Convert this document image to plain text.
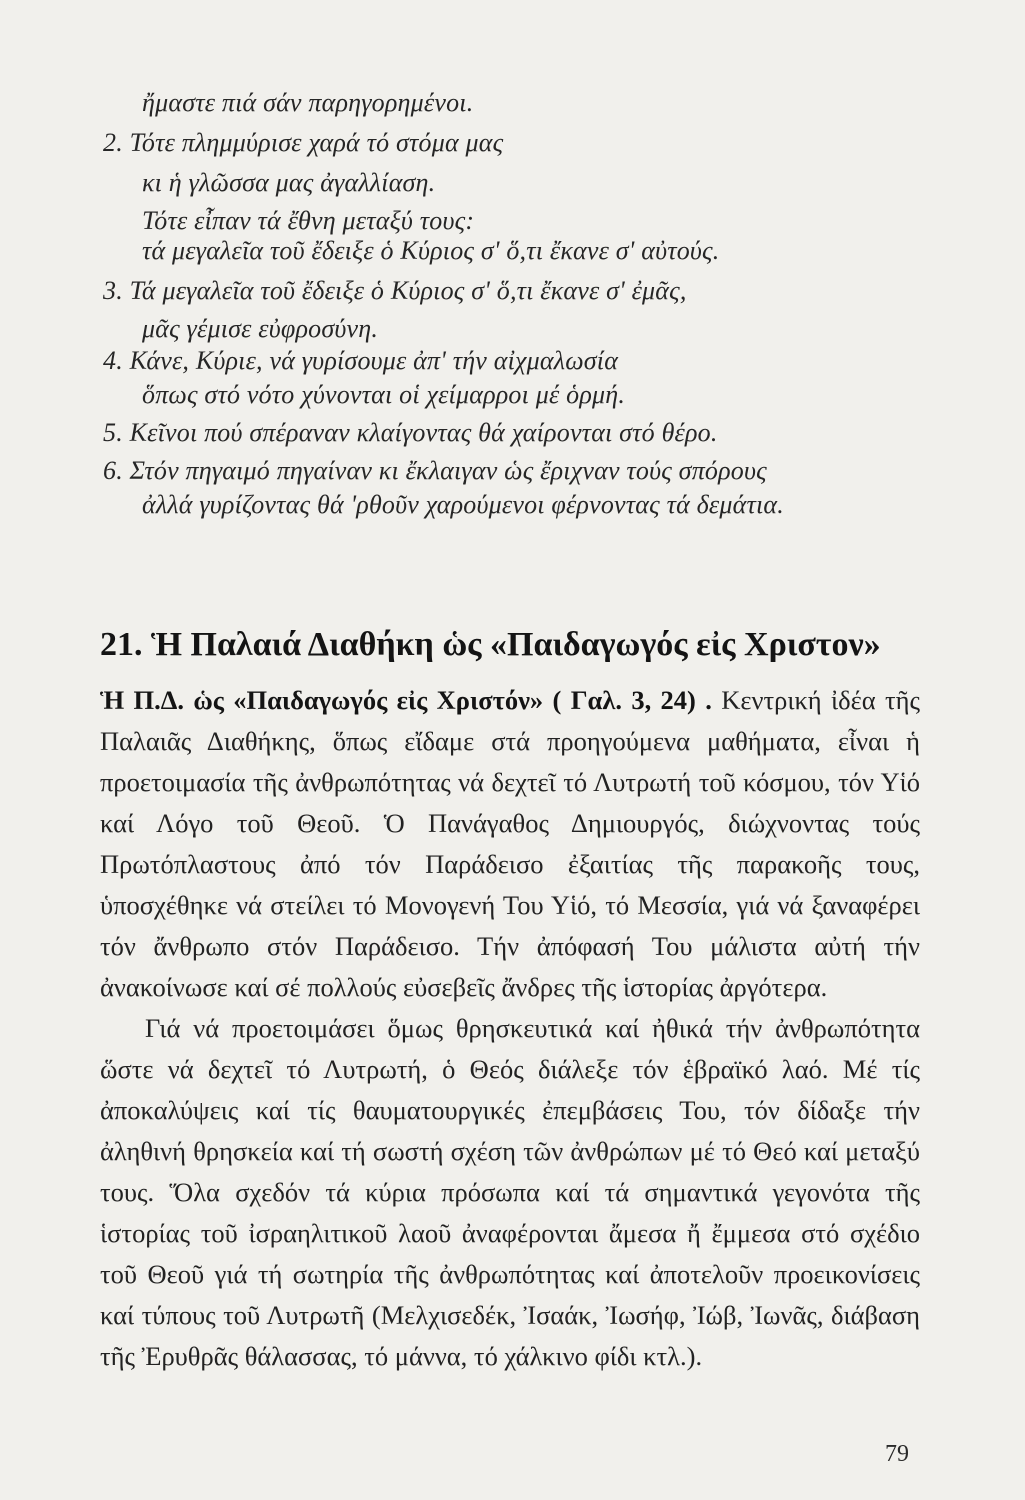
ἤμαστε πιά σάν παρηγορημένοι.
2. Τότε πλημμύρισε χαρά τό στόμα μας
κι ἡ γλῶσσα μας ἀγαλλίαση.
Τότε εἶπαν τά ἔθνη μεταξύ τους:
τά μεγαλεῖα τοῦ ἔδειξε ὁ Κύριος σ' ὅ,τι ἔκανε σ' αὐτούς.
3. Τά μεγαλεῖα τοῦ ἔδειξε ὁ Κύριος σ' ὅ,τι ἔκανε σ' ἐμᾶς,
μᾶς γέμισε εὐφροσύνη.
4. Κάνε, Κύριε, νά γυρίσουμε ἀπ' τήν αἰχμαλωσία
ὅπως στό νότο χύνονται οἱ χείμαρροι μέ ὁρμή.
5. Κεῖνοι πού σπέραναν κλαίγοντας θά χαίρονται στό θέρο.
6. Στόν πηγαιμό πηγαίναν κι ἔκλαιγαν ὡς ἔριχναν τούς σπόρους
ἀλλά γυρίζοντας θά 'ρθοῦν χαρούμενοι φέρνοντας τά δεμάτια.
21. Ἡ Παλαιά Διαθήκη ὡς «Παιδαγωγός εἰς Χριστον»
Ἡ Π.Δ. ὡς «Παιδαγωγός εἰς Χριστόν» ( Γαλ. 3, 24) . Κεντρική ἰδέα τῆς Παλαιᾶς Διαθήκης, ὅπως εἴδαμε στά προηγούμενα μαθήματα, εἶναι ἡ προετοιμασία τῆς ἀνθρωπότητας νά δεχτεῖ τό Λυτρωτή τοῦ κόσμου, τόν Υἱό καί Λόγο τοῦ Θεοῦ. Ὁ Πανάγαθος Δημιουργός, διώχνοντας τούς Πρωτόπλαστους ἀπό τόν Παράδεισο ἐξαιτίας τῆς παρακοῆς τους, ὑποσχέθηκε νά στείλει τό Μονογενή Του Υἱό, τό Μεσσία, γιά νά ξαναφέρει τόν ἄνθρωπο στόν Παράδεισο. Τήν ἀπόφασή Του μάλιστα αὐτή τήν ἀνακοίνωσε καί σέ πολλούς εὐσεβεῖς ἄνδρες τῆς ἱστορίας ἀργότερα.
Γιά νά προετοιμάσει ὅμως θρησκευτικά καί ἠθικά τήν ἀνθρωπότητα ὥστε νά δεχτεῖ τό Λυτρωτή, ὁ Θεός διάλεξε τόν ἑβραϊκό λαό. Μέ τίς ἀποκαλύψεις καί τίς θαυματουργικές ἐπεμβάσεις Του, τόν δίδαξε τήν ἀληθινή θρησκεία καί τή σωστή σχέση τῶν ἀνθρώπων μέ τό Θεό καί μεταξύ τους. Ὅλα σχεδόν τά κύρια πρόσωπα καί τά σημαντικά γεγονότα τῆς ἱστορίας τοῦ ἰσραηλιτικοῦ λαοῦ ἀναφέρονται ἄμεσα ἤ ἔμμεσα στό σχέδιο τοῦ Θεοῦ γιά τή σωτηρία τῆς ἀνθρωπότητας καί ἀποτελοῦν προεικονίσεις καί τύπους τοῦ Λυτρωτῆ (Μελχισεδέκ, Ἰσαάκ, Ἰωσήφ, Ἰώβ, Ἰωνᾶς, διάβαση τῆς Ἐρυθρᾶς θάλασσας, τό μάννα, τό χάλκινο φίδι κτλ.).
79
